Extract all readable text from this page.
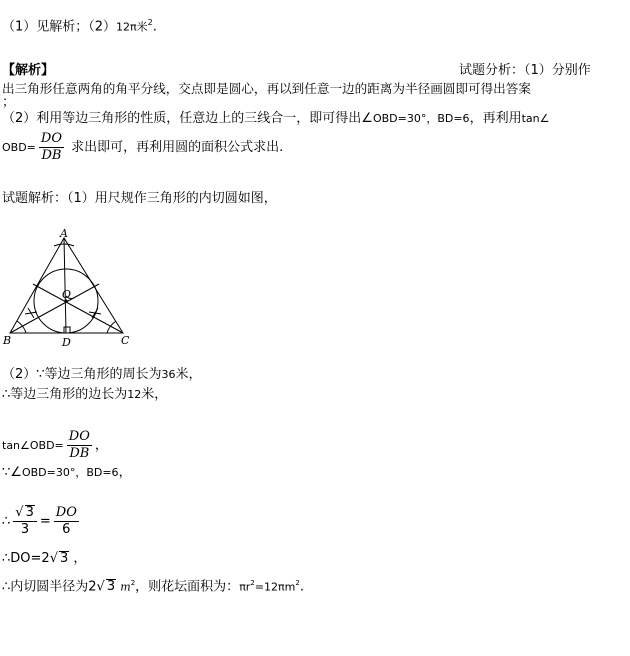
（1）见解析；（2）12π米$^2$.
【解析】	试题分析：（1）分别作
出三角形任意两角的角平分线，交点即是圆心，再以到任意一边的距离为半径画圆即可得出答案
；
（2）利用等边三角形的性质，任意边上的三线合一，即可得出∠OBD=30°，BD=6，再利用tan∠
$OBD= \frac{DO}{DB}$ 求出即可，再利用圆的面积公式求出.
试题解析：（1）用尺规作三角形的内切圆如图，
A
B	C
D
O
（2）∵等边三角形的周长为36米，
∴等边三角形的边长为12米，
tan∠OBD= $\frac{DO}{DB}$ ，
∵∠OBD=30°，BD=6，
∴ $\frac{√ 3}{3} = \frac{DO}{6}$
∴DO=2√ 3 ，
∴内切圆半径为2√ 3 $m^2$，则花坛面积为：$\pi r^2=12\pi m^2$.
